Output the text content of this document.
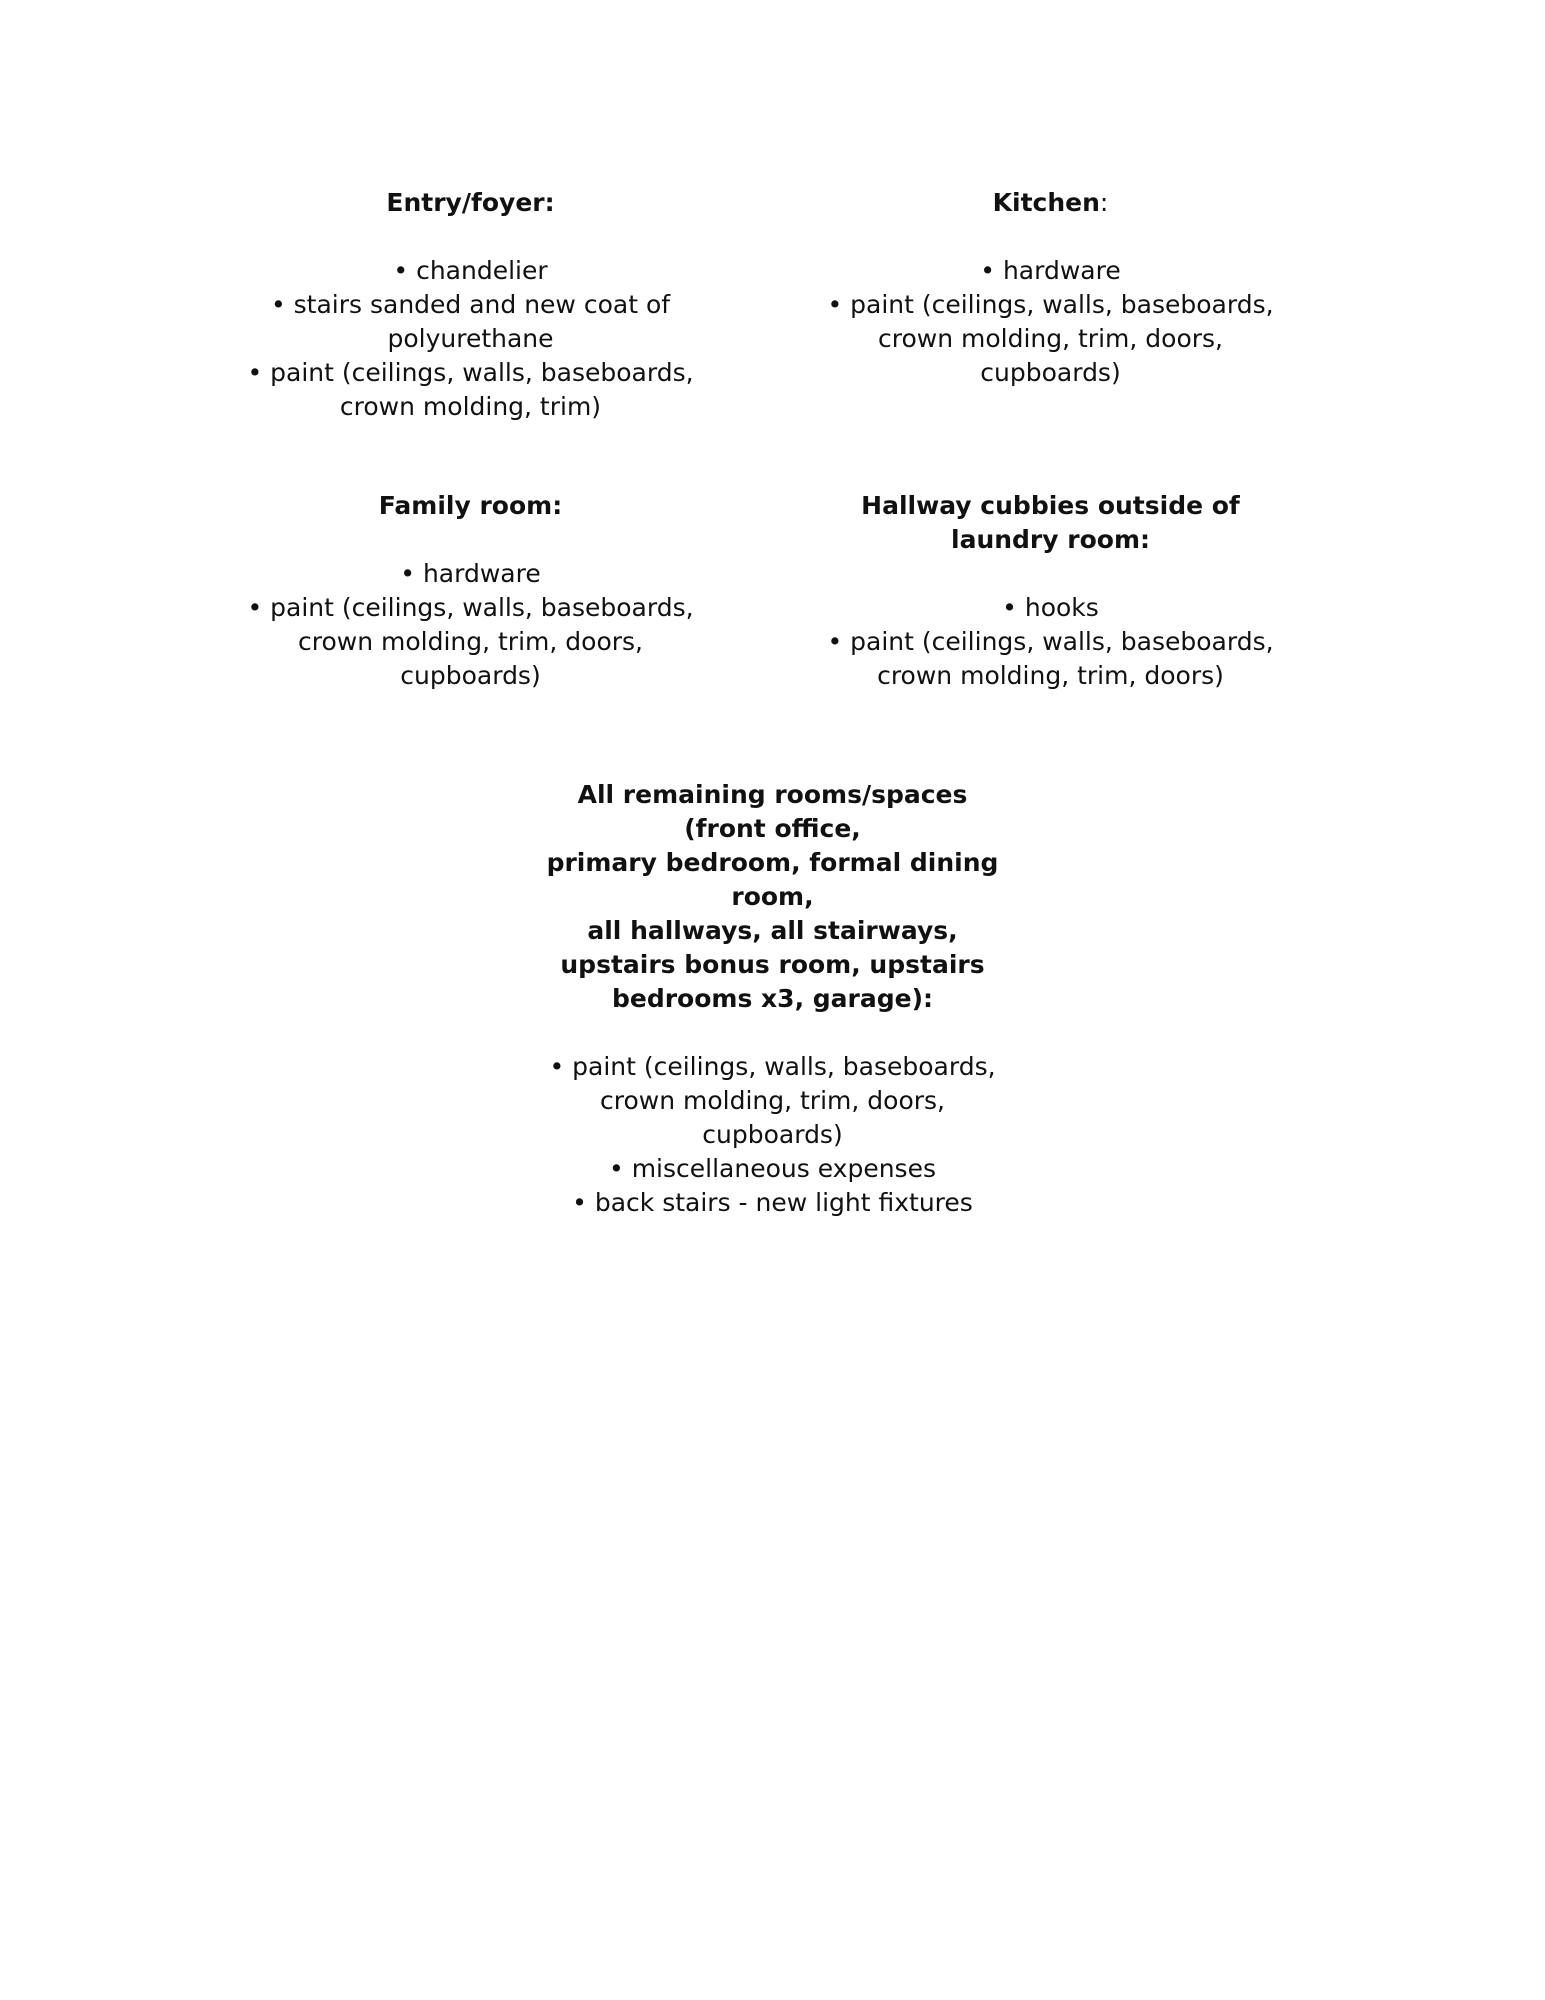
Entry/foyer:

• chandelier

• stairs sanded and new coat of polyurethane

• paint (ceilings, walls, baseboards, crown molding, trim)

Kitchen:

• hardware

• paint (ceilings, walls, baseboards, crown molding, trim, doors, cupboards)

Family room:

• hardware

• paint (ceilings, walls, baseboards, crown molding, trim, doors, cupboards)

Hallway cubbies outside of laundry room:

• hooks

• paint (ceilings, walls, baseboards, crown molding, trim, doors)

All remaining rooms/spaces (front office,

primary bedroom, formal dining room,

all hallways, all stairways, upstairs bonus room, upstairs

bedrooms x3, garage):

• paint (ceilings, walls, baseboards, crown molding, trim, doors, cupboards)

• miscellaneous expenses

• back stairs - new light fixtures
